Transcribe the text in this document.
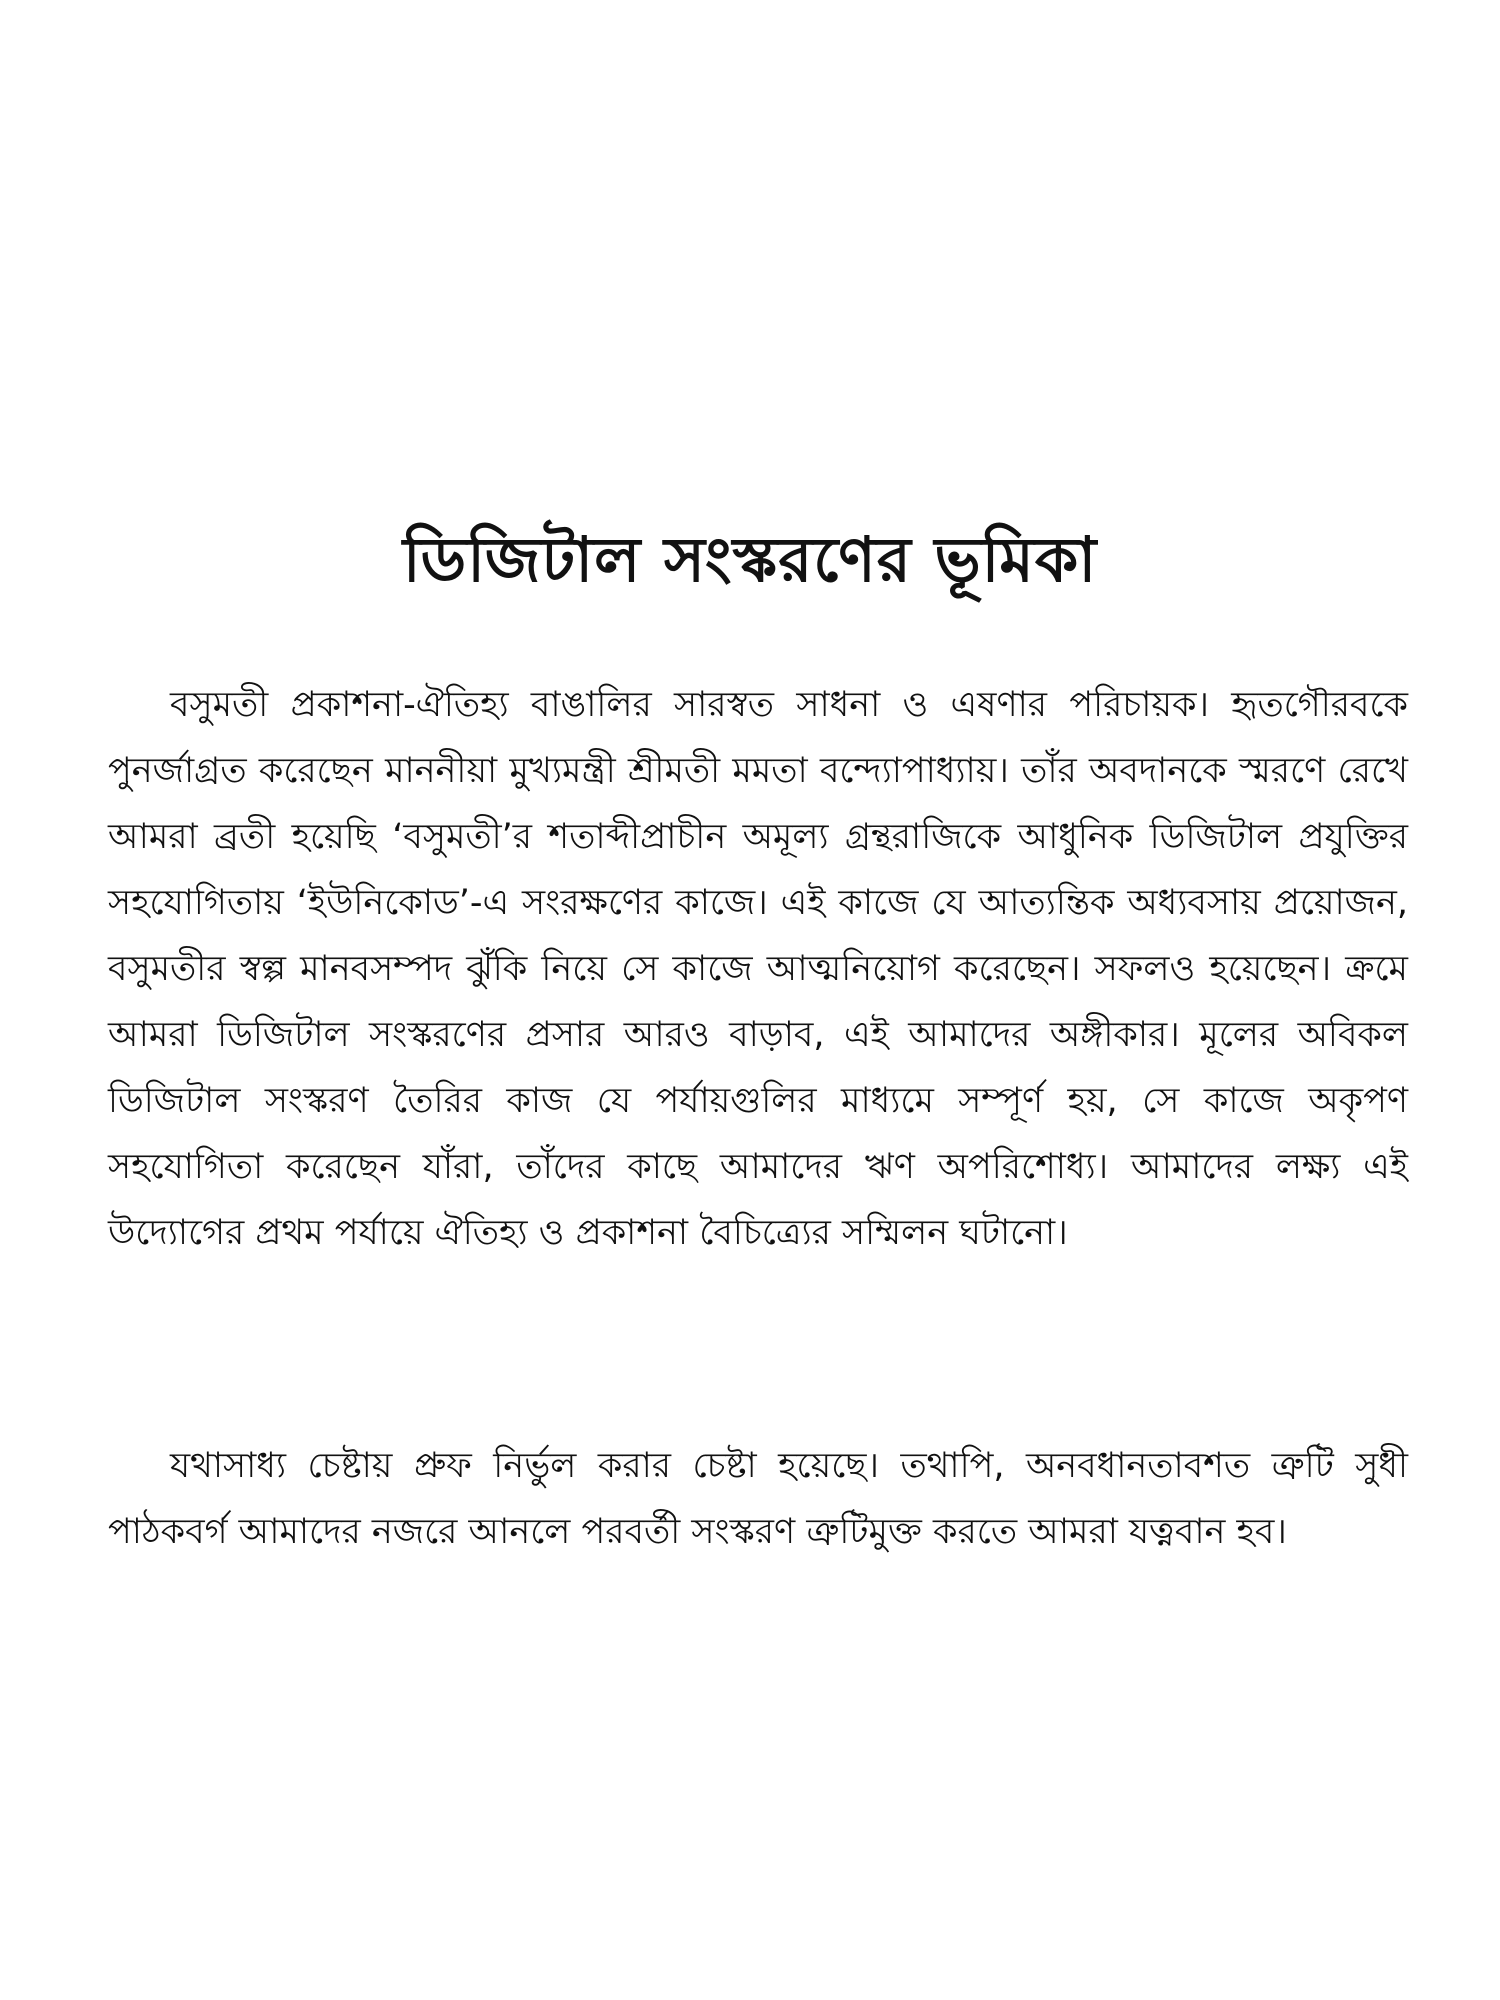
ডিজিটাল সংস্করণের ভূমিকা

বসুমতী প্রকাশনা-ঐতিহ্য বাঙালির সারস্বত সাধনা ও এষণার পরিচায়ক। হৃতগৌরবকে পুনর্জাগ্রত করেছেন মাননীয়া মুখ্যমন্ত্রী শ্রীমতী মমতা বন্দ্যোপাধ্যায়। তাঁর অবদানকে স্মরণে রেখে আমরা ব্রতী হয়েছি ‘বসুমতী’র শতাব্দীপ্রাচীন অমূল্য গ্রন্থরাজিকে আধুনিক ডিজিটাল প্রযুক্তির সহযোগিতায় ‘ইউনিকোড’-এ সংরক্ষণের কাজে। এই কাজে যে আত্যন্তিক অধ্যবসায় প্রয়োজন, বসুমতীর স্বল্প মানবসম্পদ ঝুঁকি নিয়ে সে কাজে আত্মনিয়োগ করেছেন। সফলও হয়েছেন। ক্রমে আমরা ডিজিটাল সংস্করণের প্রসার আরও বাড়াব, এই আমাদের অঙ্গীকার। মূলের অবিকল ডিজিটাল সংস্করণ তৈরির কাজ যে পর্যায়গুলির মাধ্যমে সম্পূর্ণ হয়, সে কাজে অকৃপণ সহযোগিতা করেছেন যাঁরা, তাঁদের কাছে আমাদের ঋণ অপরিশোধ্য। আমাদের লক্ষ্য এই উদ্যোগের প্রথম পর্যায়ে ঐতিহ্য ও প্রকাশনা বৈচিত্র্যের সম্মিলন ঘটানো।

যথাসাধ্য চেষ্টায় প্রুফ নির্ভুল করার চেষ্টা হয়েছে। তথাপি, অনবধানতাবশত ত্রুটি সুধী পাঠকবর্গ আমাদের নজরে আনলে পরবর্তী সংস্করণ ত্রুটিমুক্ত করতে আমরা যত্নবান হব।
